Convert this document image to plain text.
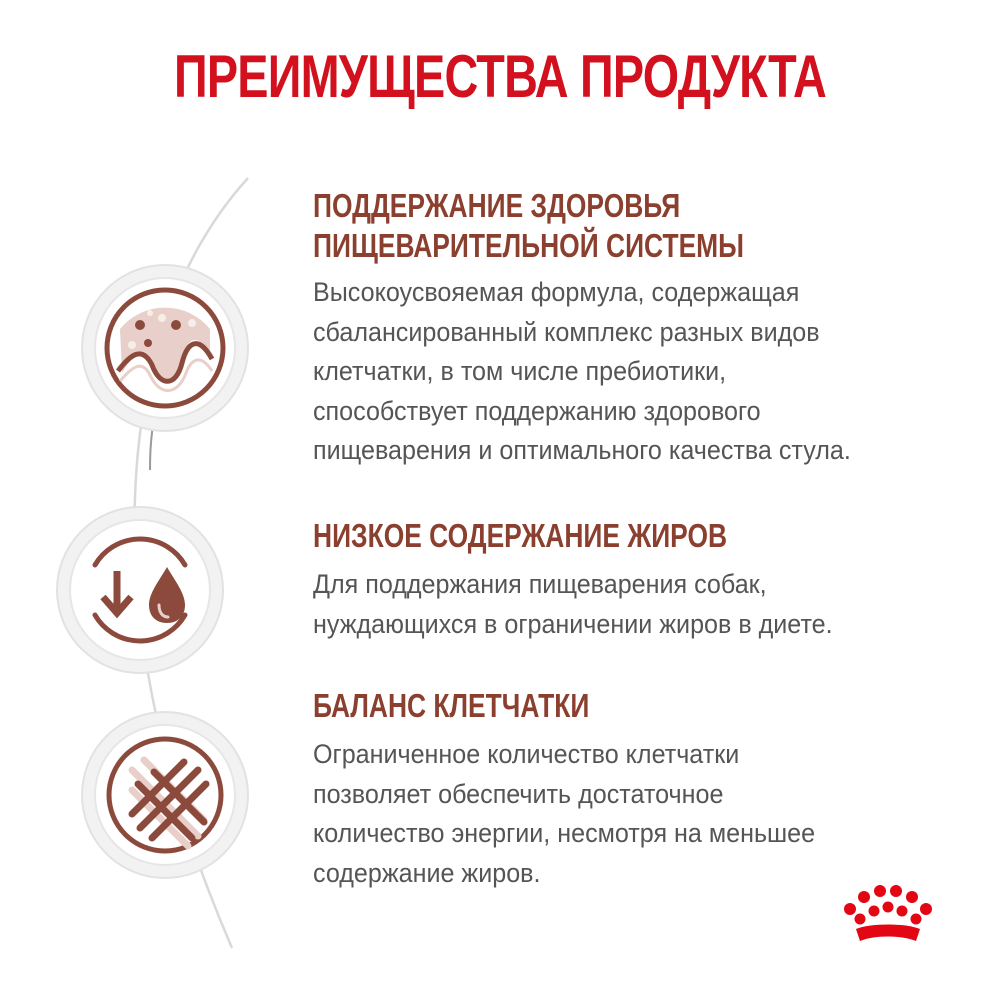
ПРЕИМУЩЕСТВА ПРОДУКТА

ПОДДЕРЖАНИЕ ЗДОРОВЬЯ

ПИЩЕВАРИТЕЛЬНОЙ СИСТЕМЫ

Высокоусвояемая формула, содержащая

сбалансированный комплекс разных видов

клетчатки, в том числе пребиотики,

способствует поддержанию здорового

пищеварения и оптимального качества стула.

НИЗКОЕ СОДЕРЖАНИЕ ЖИРОВ

Для поддержания пищеварения собак,

нуждающихся в ограничении жиров в диете.

БАЛАНС КЛЕТЧАТКИ

Ограниченное количество клетчатки

позволяет обеспечить достаточное

количество энергии, несмотря на меньшее

содержание жиров.
